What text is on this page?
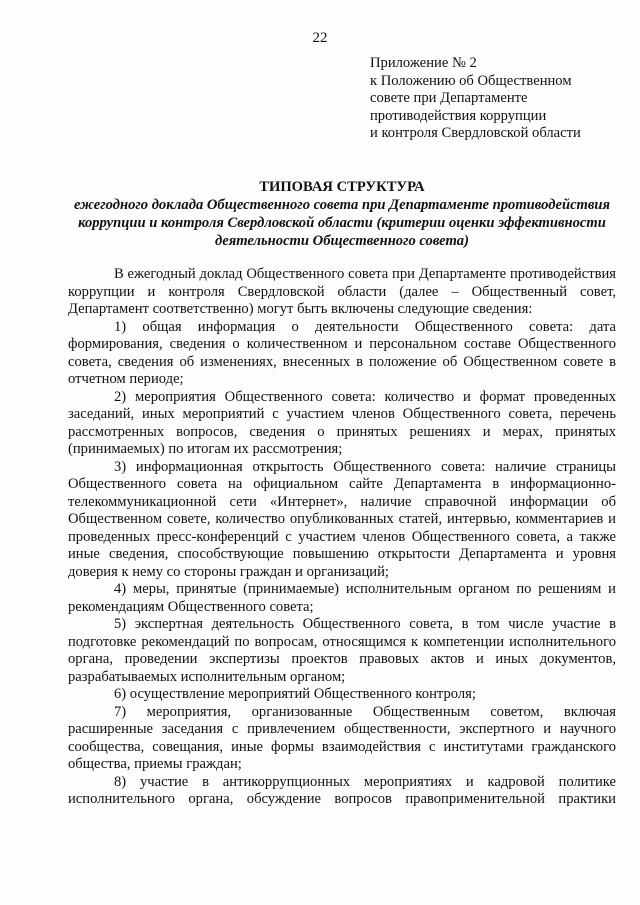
22
Приложение № 2
к Положению об Общественном
совете при Департаменте
противодействия коррупции
и контроля Свердловской области
ТИПОВАЯ СТРУКТУРА
ежегодного доклада Общественного совета при Департаменте противодействия коррупции и контроля Свердловской области (критерии оценки эффективности деятельности Общественного совета)

В ежегодный доклад Общественного совета при Департаменте противодействия коррупции и контроля Свердловской области (далее – Общественный совет, Департамент соответственно) могут быть включены следующие сведения:

1) общая информация о деятельности Общественного совета: дата формирования, сведения о количественном и персональном составе Общественного совета, сведения об изменениях, внесенных в положение об Общественном совете в отчетном периоде;

2) мероприятия Общественного совета: количество и формат проведенных заседаний, иных мероприятий с участием членов Общественного совета, перечень рассмотренных вопросов, сведения о принятых решениях и мерах, принятых (принимаемых) по итогам их рассмотрения;

3) информационная открытость Общественного совета: наличие страницы Общественного совета на официальном сайте Департамента в информационно-телекоммуникационной сети «Интернет», наличие справочной информации об Общественном совете, количество опубликованных статей, интервью, комментариев и проведенных пресс-конференций с участием членов Общественного совета, а также иные сведения, способствующие повышению открытости Департамента и уровня доверия к нему со стороны граждан и организаций;

4) меры, принятые (принимаемые) исполнительным органом по решениям и рекомендациям Общественного совета;

5) экспертная деятельность Общественного совета, в том числе участие в подготовке рекомендаций по вопросам, относящимся к компетенции исполнительного органа, проведении экспертизы проектов правовых актов и иных документов, разрабатываемых исполнительным органом;

6) осуществление мероприятий Общественного контроля;

7) мероприятия, организованные Общественным советом, включая расширенные заседания с привлечением общественности, экспертного и научного сообщества, совещания, иные формы взаимодействия с институтами гражданского общества, приемы граждан;

8) участие в антикоррупционных мероприятиях и кадровой политике исполнительного органа, обсуждение вопросов правоприменительной практики
